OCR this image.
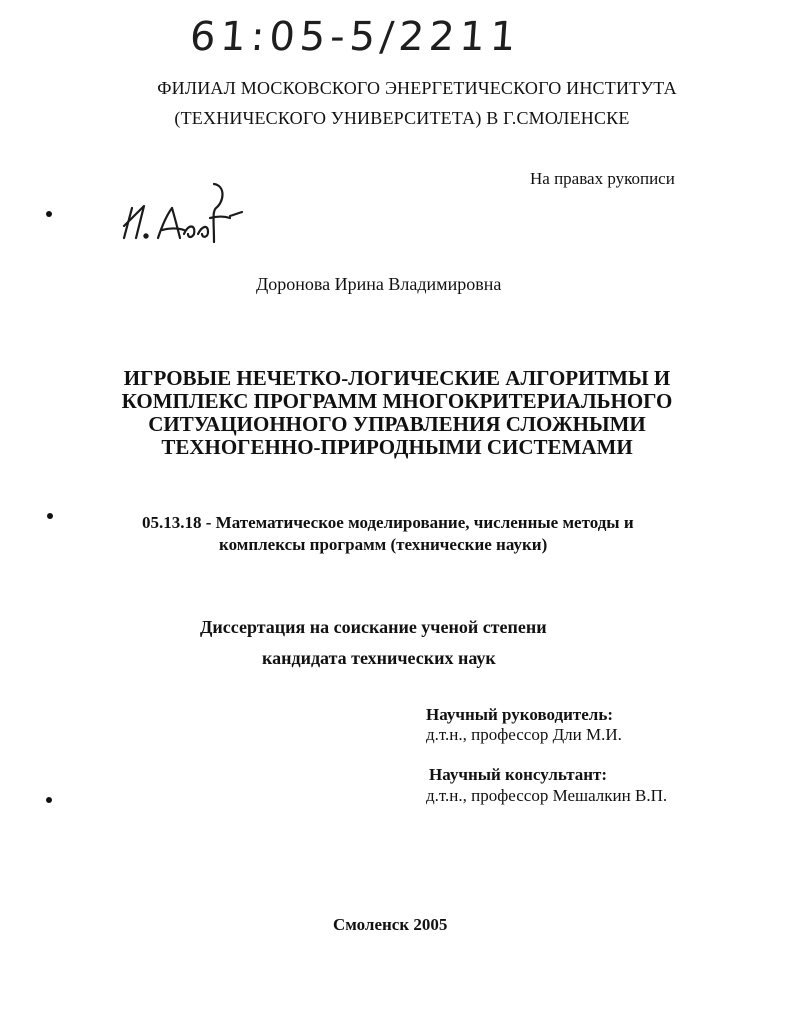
61:05-5/2211

ФИЛИАЛ МОСКОВСКОГО ЭНЕРГЕТИЧЕСКОГО ИНСТИТУТА

(ТЕХНИЧЕСКОГО УНИВЕРСИТЕТА) В Г.СМОЛЕНСКЕ

На правах рукописи

Доронова Ирина Владимировна

ИГРОВЫЕ НЕЧЕТКО-ЛОГИЧЕСКИЕ АЛГОРИТМЫ И

КОМПЛЕКС ПРОГРАММ МНОГОКРИТЕРИАЛЬНОГО

СИТУАЦИОННОГО УПРАВЛЕНИЯ СЛОЖНЫМИ

ТЕХНОГЕННО-ПРИРОДНЫМИ СИСТЕМАМИ

05.13.18 - Математическое моделирование, численные методы и

комплексы программ (технические науки)

Диссертация на соискание ученой степени

кандидата технических наук

Научный руководитель:

д.т.н., профессор Дли М.И.

Научный консультант:

д.т.н., профессор Мешалкин В.П.

Смоленск 2005
